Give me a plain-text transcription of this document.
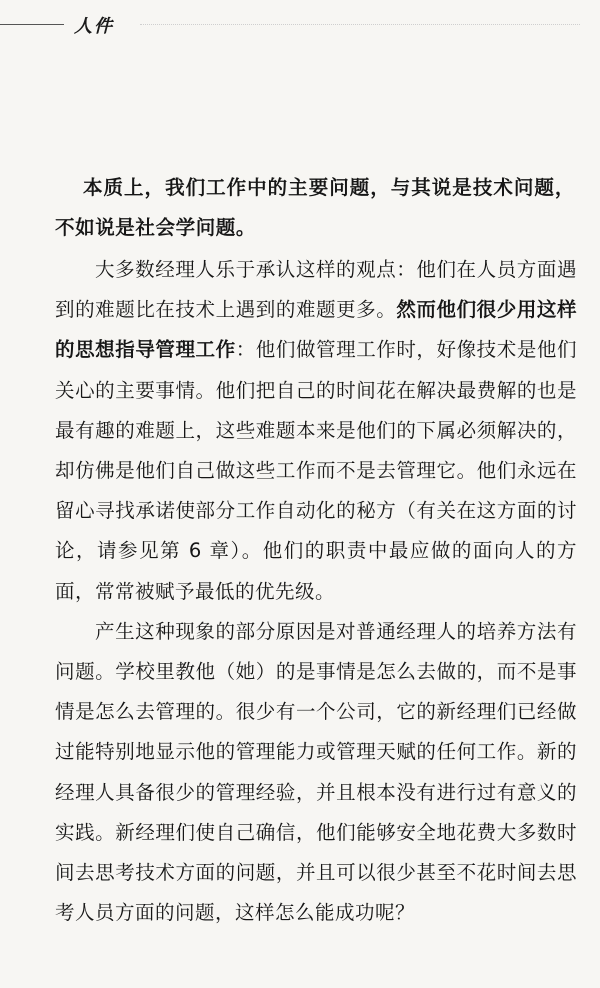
人件

本质上，我们工作中的主要问题，与其说是技术问题，不如说是社会学问题。

大多数经理人乐于承认这样的观点：他们在人员方面遇到的难题比在技术上遇到的难题更多。然而他们很少用这样的思想指导管理工作：他们做管理工作时，好像技术是他们关心的主要事情。他们把自己的时间花在解决最费解的也是最有趣的难题上，这些难题本来是他们的下属必须解决的，却仿佛是他们自己做这些工作而不是去管理它。他们永远在留心寻找承诺使部分工作自动化的秘方（有关在这方面的讨论，请参见第 6 章）。他们的职责中最应做的面向人的方面，常常被赋予最低的优先级。

产生这种现象的部分原因是对普通经理人的培养方法有问题。学校里教他（她）的是事情是怎么去做的，而不是事情是怎么去管理的。很少有一个公司，它的新经理们已经做过能特别地显示他的管理能力或管理天赋的任何工作。新的经理人具备很少的管理经验，并且根本没有进行过有意义的实践。新经理们使自己确信，他们能够安全地花费大多数时间去思考技术方面的问题，并且可以很少甚至不花时间去思考人员方面的问题，这样怎么能成功呢？
